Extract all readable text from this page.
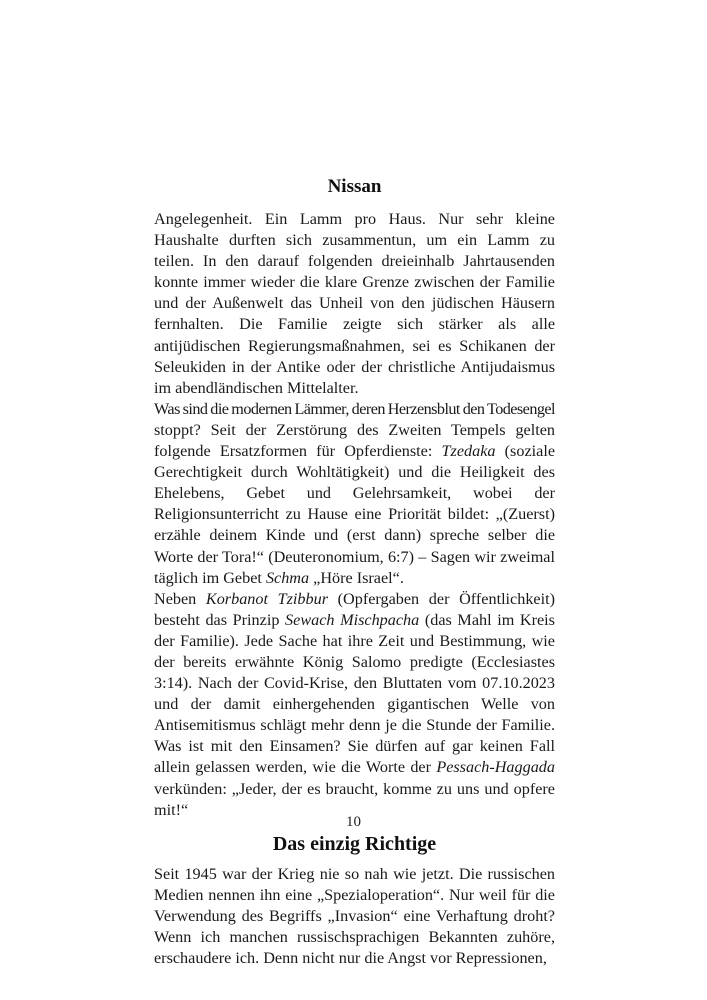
Nissan

Angelegenheit. Ein Lamm pro Haus. Nur sehr kleine Haushalte durften sich zusammentun, um ein Lamm zu teilen. In den darauf folgenden dreieinhalb Jahrtausenden konnte immer wieder die klare Grenze zwischen der Familie und der Außenwelt das Unheil von den jüdischen Häusern fernhalten. Die Familie zeigte sich stärker als alle antijüdischen Regierungsmaßnahmen, sei es Schikanen der Seleukiden in der Antike oder der christliche Antijudaismus im abendländischen Mittelalter.

Was sind die modernen Lämmer, deren Herzensblut den Todesengel stoppt? Seit der Zerstörung des Zweiten Tempels gelten folgende Ersatzformen für Opferdienste: Tzedaka (soziale Gerechtigkeit durch Wohltätigkeit) und die Heiligkeit des Ehelebens, Gebet und Gelehrsamkeit, wobei der Religionsunterricht zu Hause eine Priorität bildet: „(Zuerst) erzähle deinem Kinde und (erst dann) spreche selber die Worte der Tora!“ (Deuteronomium, 6:7) – Sagen wir zweimal täglich im Gebet Schma „Höre Israel“.

Neben Korbanot Tzibbur (Opfergaben der Öffentlichkeit) besteht das Prinzip Sewach Mischpacha (das Mahl im Kreis der Familie). Jede Sache hat ihre Zeit und Bestimmung, wie der bereits erwähnte König Salomo predigte (Ecclesiastes 3:14). Nach der Covid-Krise, den Bluttaten vom 07.10.2023 und der damit einhergehenden gigantischen Welle von Antisemitismus schlägt mehr denn je die Stunde der Familie. Was ist mit den Einsamen? Sie dürfen auf gar keinen Fall allein gelassen werden, wie die Worte der Pessach-Haggada verkünden: „Jeder, der es braucht, komme zu uns und opfere mit!“

Das einzig Richtige

Seit 1945 war der Krieg nie so nah wie jetzt. Die russischen Medien nennen ihn eine „Spezialoperation“. Nur weil für die Verwendung des Begriffs „Invasion“ eine Verhaftung droht? Wenn ich manchen russischsprachigen Bekannten zuhöre, erschaudere ich. Denn nicht nur die Angst vor Repressionen,

10
